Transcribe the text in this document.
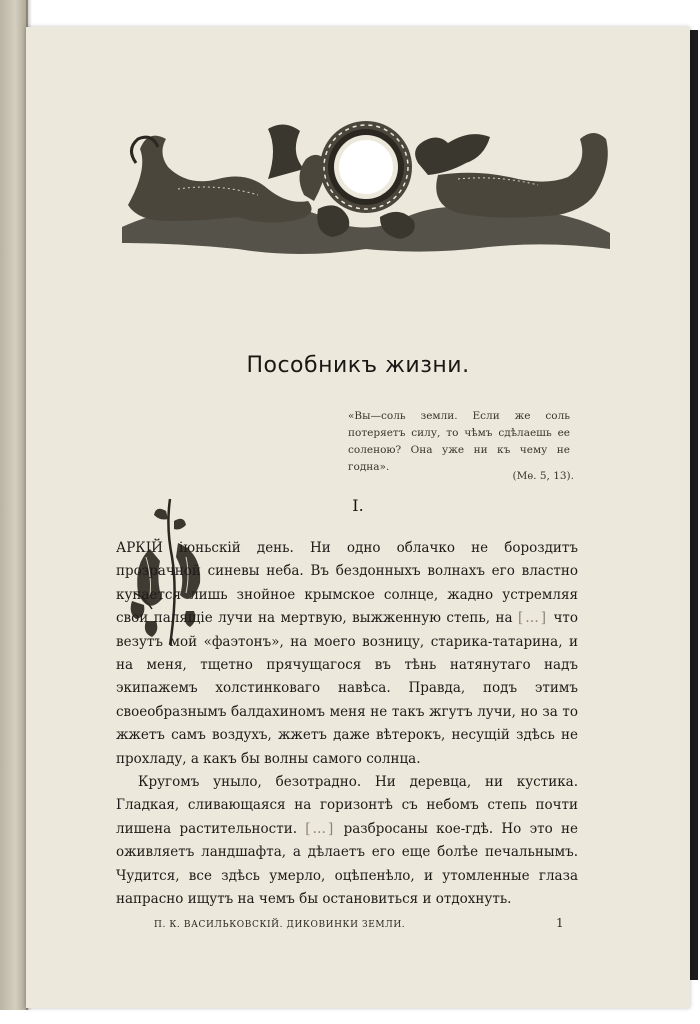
Пособникъ жизни.
«Вы—соль земли. Если же соль потеряетъ силу, то чѣмъ сдѣлаешь ее соленою? Она уже ни къ чему не годна».
(Мѳ. 5, 13).
I.
АРКІЙ іюньскій день. Ни одно облачко не бороздитъ прозрачной синевы неба. Въ бездонныхъ волнахъ его властно купается лишь знойное крымское солнце, жадно устремляя свои палящіе лучи на мертвую, выжженную степь, на […] что везутъ мой «фаэтонъ», на моего возницу, старика-татарина, и на меня, тщетно прячущагося въ тѣнь натянутаго надъ экипажемъ холстинковаго навѣса. Правда, подъ этимъ своеобразнымъ балдахиномъ меня не такъ жгутъ лучи, но за то жжетъ самъ воздухъ, жжетъ даже вѣтерокъ, несущій здѣсь не прохладу, а какъ бы волны самого солнца.
Кругомъ уныло, безотрадно. Ни деревца, ни кустика. Гладкая, сливающаяся на горизонтѣ съ небомъ степь почти лишена растительности. […] разбросаны кое-гдѣ. Но это не оживляетъ ландшафта, а дѣлаетъ его еще болѣе печальнымъ. Чудится, все здѣсь умерло, оцѣпенѣло, и утомленные глаза напрасно ищутъ на чемъ бы остановиться и отдохнуть.
П. К. ВАСИЛЬКОВСКІЙ. ДИКОВИНКИ ЗЕМЛИ.	1
